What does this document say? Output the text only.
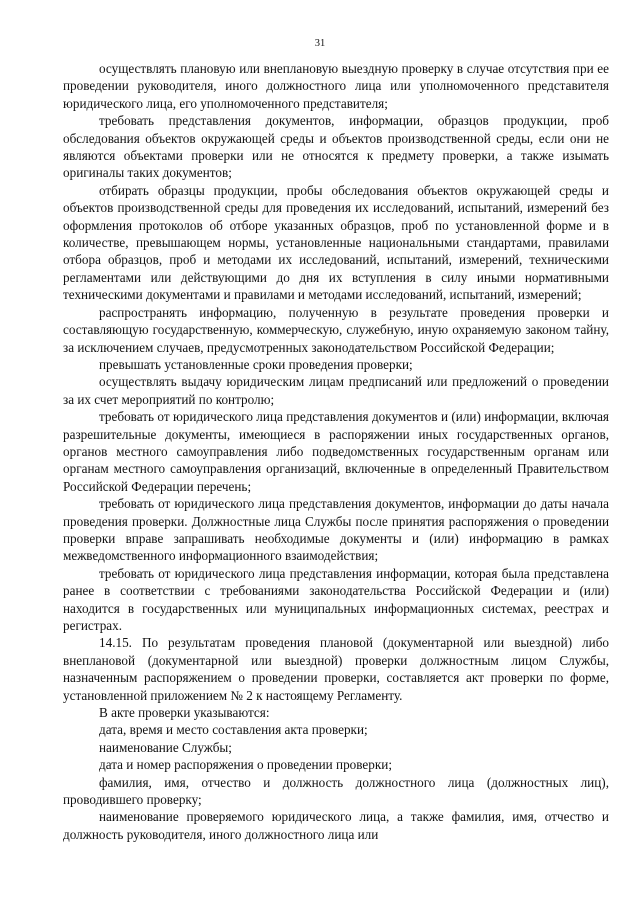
31

осуществлять плановую или внеплановую выездную проверку в случае отсутствия при ее проведении руководителя, иного должностного лица или уполномоченного представителя юридического лица, его уполномоченного представителя;

требовать представления документов, информации, образцов продукции, проб обследования объектов окружающей среды и объектов производственной среды, если они не являются объектами проверки или не относятся к предмету проверки, а также изымать оригиналы таких документов;

отбирать образцы продукции, пробы обследования объектов окружающей среды и объектов производственной среды для проведения их исследований, испытаний, измерений без оформления протоколов об отборе указанных образцов, проб по установленной форме и в количестве, превышающем нормы, установленные национальными стандартами, правилами отбора образцов, проб и методами их исследований, испытаний, измерений, техническими регламентами или действующими до дня их вступления в силу иными нормативными техническими документами и правилами и методами исследований, испытаний, измерений;

распространять информацию, полученную в результате проведения проверки и составляющую государственную, коммерческую, служебную, иную охраняемую законом тайну, за исключением случаев, предусмотренных законодательством Российской Федерации;

превышать установленные сроки проведения проверки;

осуществлять выдачу юридическим лицам предписаний или предложений о проведении за их счет мероприятий по контролю;

требовать от юридического лица представления документов и (или) информации, включая разрешительные документы, имеющиеся в распоряжении иных государственных органов, органов местного самоуправления либо подведомственных государственным органам или органам местного самоуправления организаций, включенные в определенный Правительством Российской Федерации перечень;

требовать от юридического лица представления документов, информации до даты начала проведения проверки. Должностные лица Службы после принятия распоряжения о проведении проверки вправе запрашивать необходимые документы и (или) информацию в рамках межведомственного информационного взаимодействия;

требовать от юридического лица представления информации, которая была представлена ранее в соответствии с требованиями законодательства Российской Федерации и (или) находится в государственных или муниципальных информационных системах, реестрах и регистрах.

14.15. По результатам проведения плановой (документарной или выездной) либо внеплановой (документарной или выездной) проверки должностным лицом Службы, назначенным распоряжением о проведении проверки, составляется акт проверки по форме, установленной приложением № 2 к настоящему Регламенту.

В акте проверки указываются:

дата, время и место составления акта проверки;

наименование Службы;

дата и номер распоряжения о проведении проверки;

фамилия, имя, отчество и должность должностного лица (должностных лиц), проводившего проверку;

наименование проверяемого юридического лица, а также фамилия, имя, отчество и должность руководителя, иного должностного лица или
